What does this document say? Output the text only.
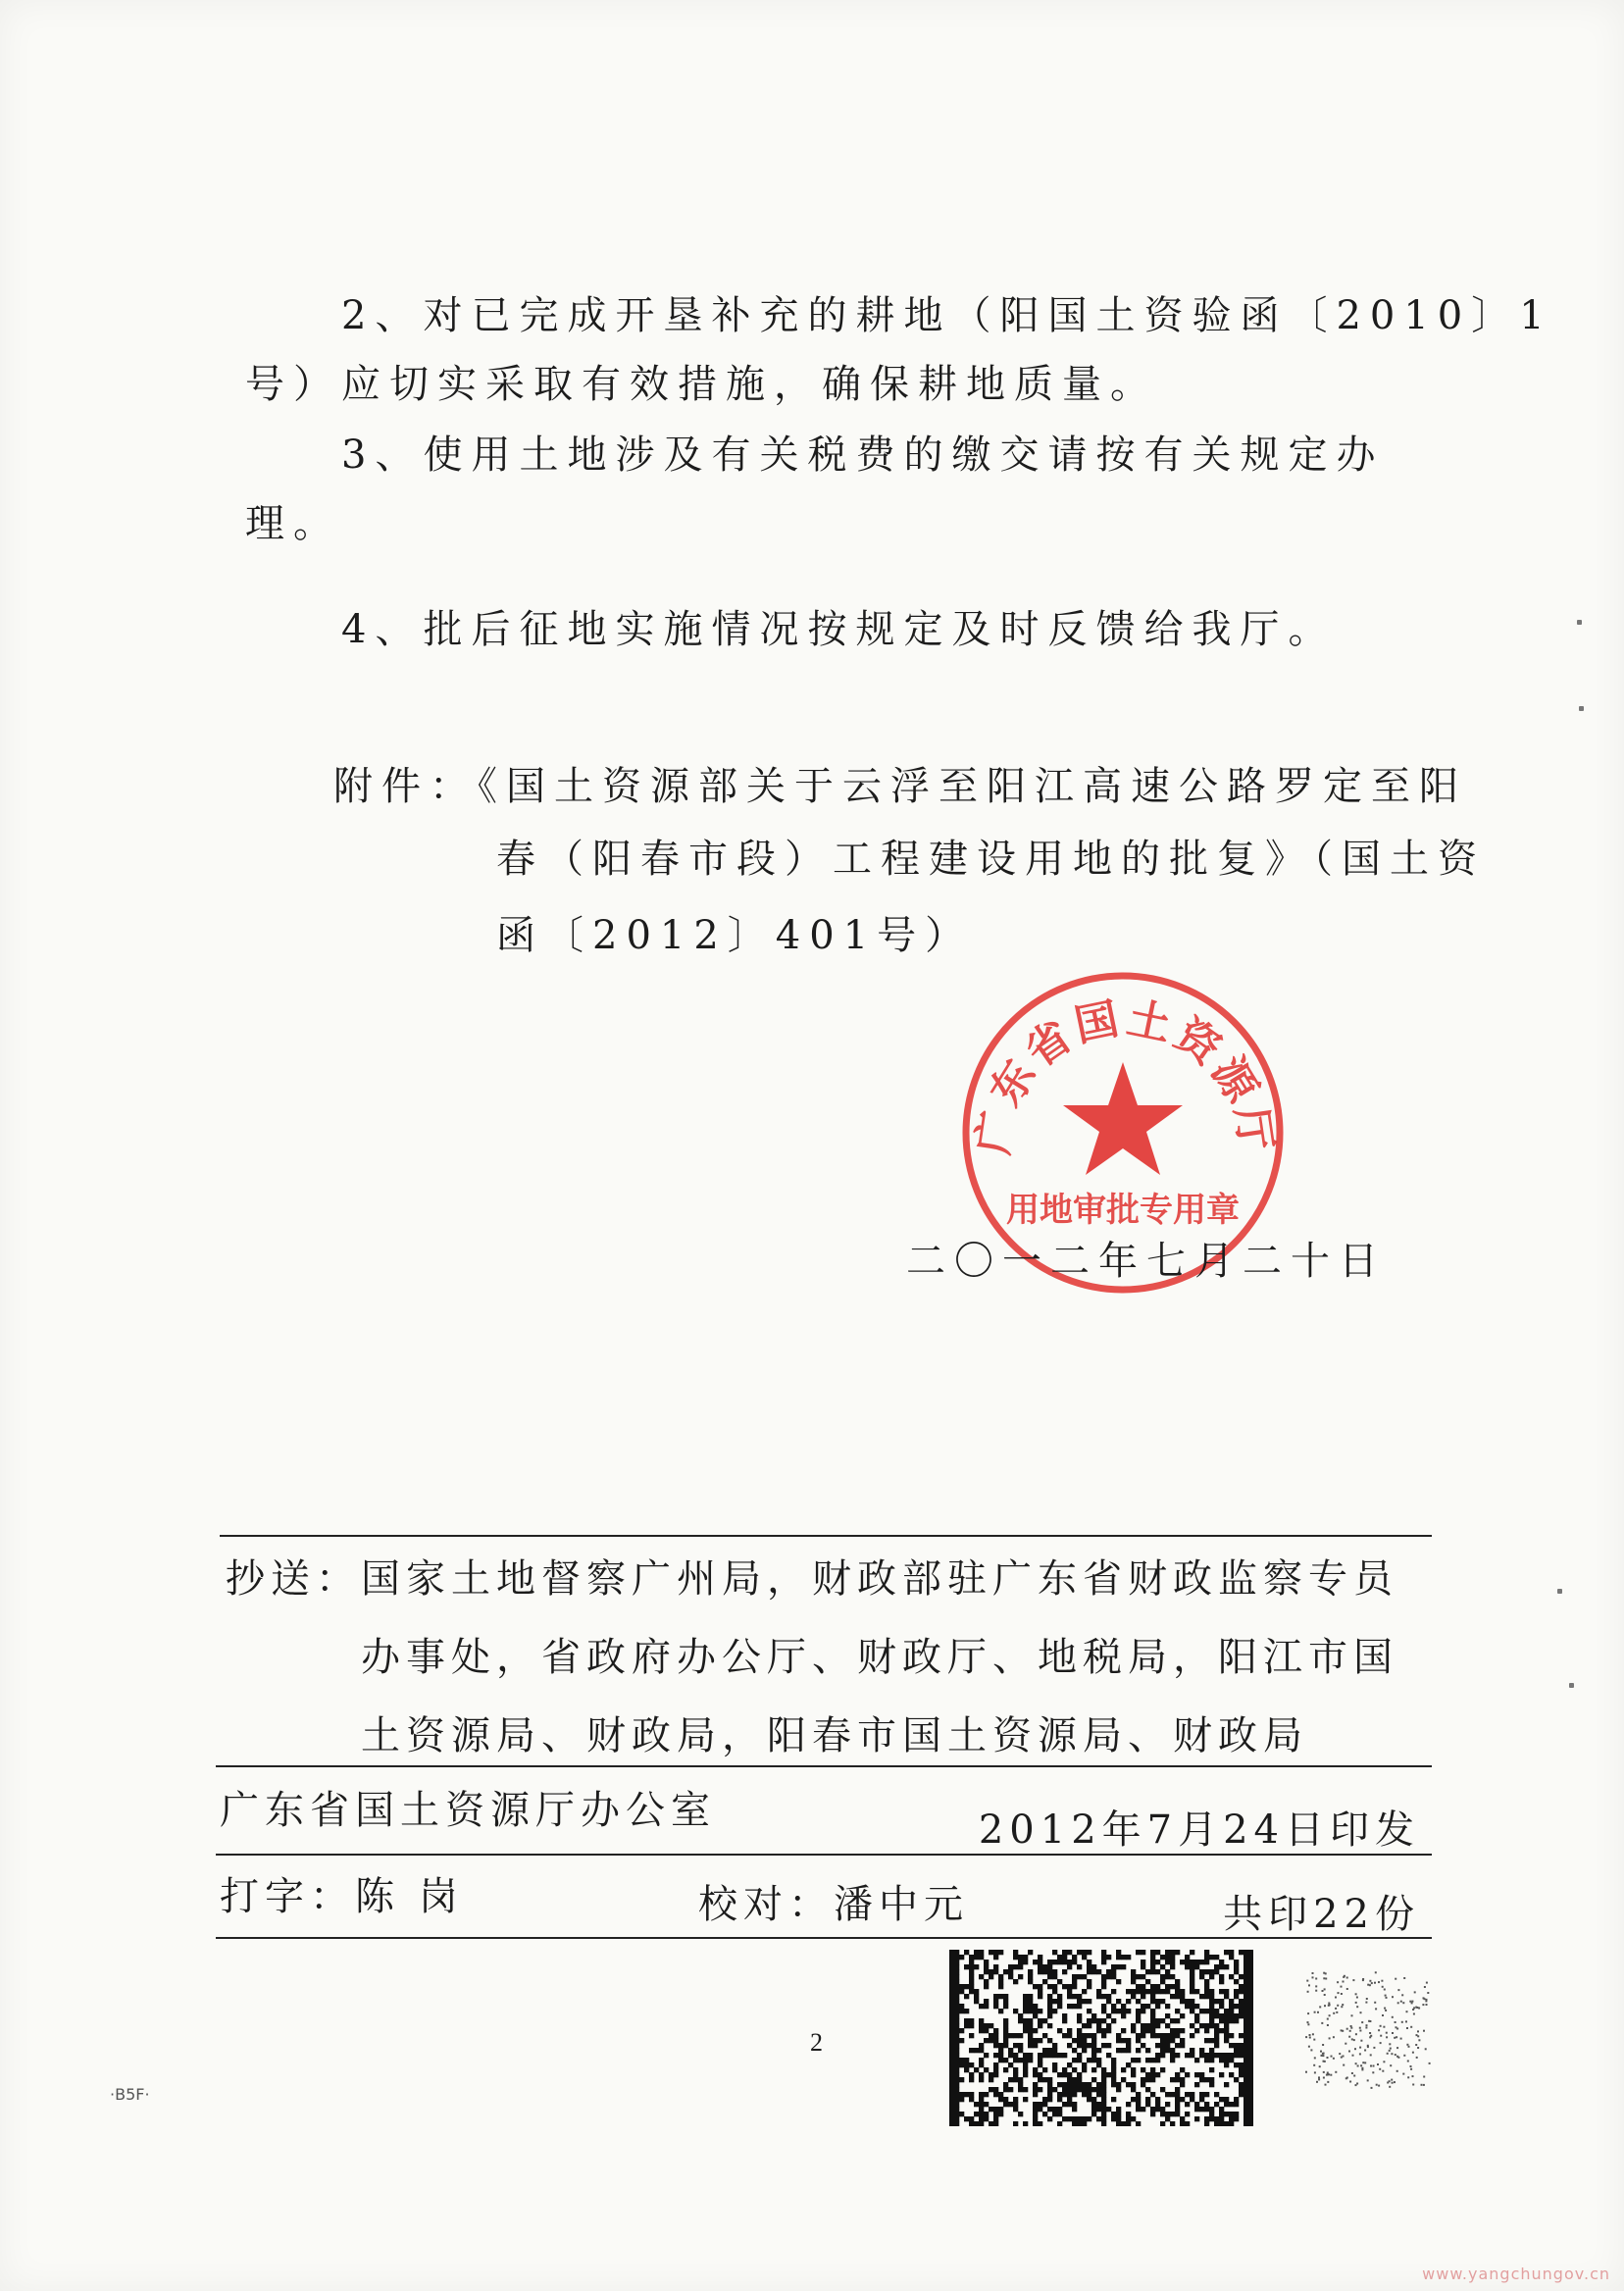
2、对已完成开垦补充的耕地（阳国土资验函〔2010〕1
号）应切实采取有效措施，确保耕地质量。
3、使用土地涉及有关税费的缴交请按有关规定办
理。
4、批后征地实施情况按规定及时反馈给我厅。
附件：《国土资源部关于云浮至阳江高速公路罗定至阳
春（阳春市段）工程建设用地的批复》（国土资
函〔2012〕401号）
广东省国土资源厅
用地审批专用章
二〇一二年七月二十日
抄送： 国家土地督察广州局，财政部驻广东省财政监察专员
办事处，省政府办公厅、财政厅、地税局，阳江市国
土资源局、财政局，阳春市国土资源局、财政局
广东省国土资源厅办公室	2012年7月24日印发
打字：陈 岗	校对：潘中元	共印22份
2
·B5F·
www.yangchungov.cn
